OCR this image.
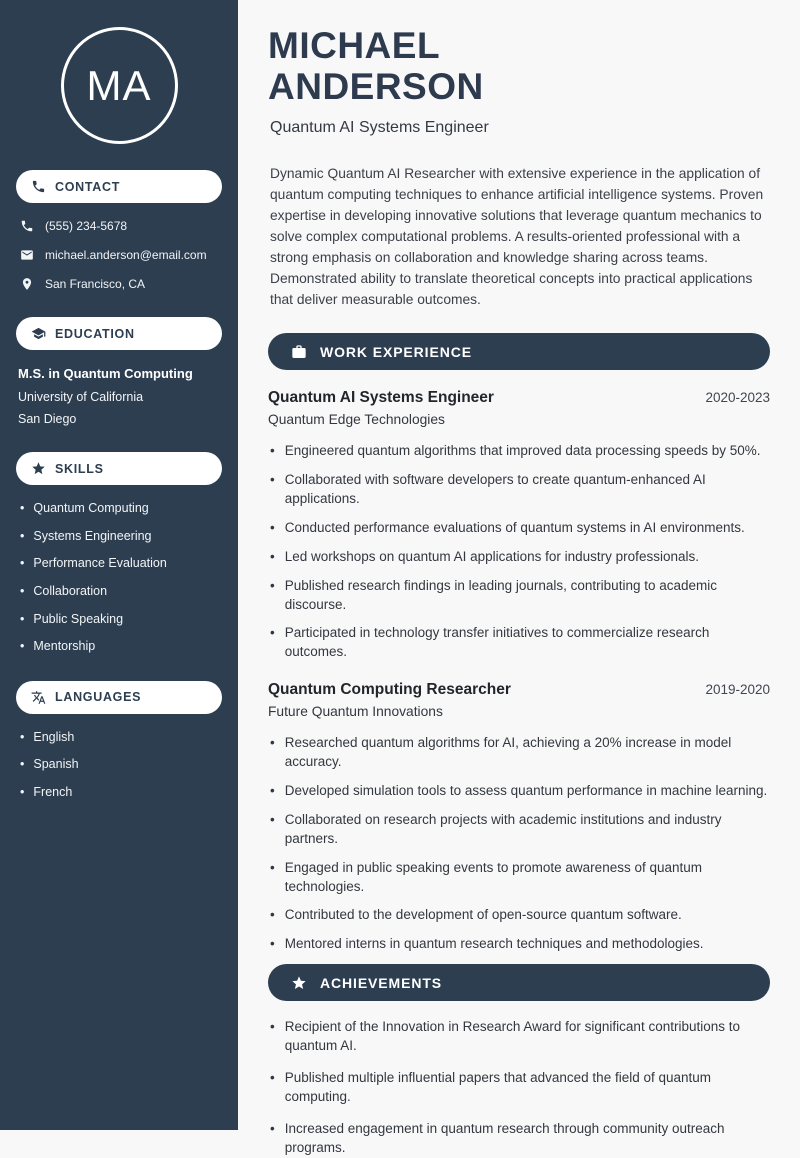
MA
CONTACT
(555) 234-5678
michael.anderson@email.com
San Francisco, CA
EDUCATION
M.S. in Quantum Computing
University of California
San Diego
SKILLS
• Quantum Computing
• Systems Engineering
• Performance Evaluation
• Collaboration
• Public Speaking
• Mentorship
LANGUAGES
• English
• Spanish
• French
MICHAEL
ANDERSON
Quantum AI Systems Engineer

Dynamic Quantum AI Researcher with extensive experience in the application of quantum computing techniques to enhance artificial intelligence systems. Proven expertise in developing innovative solutions that leverage quantum mechanics to solve complex computational problems. A results-oriented professional with a strong emphasis on collaboration and knowledge sharing across teams. Demonstrated ability to translate theoretical concepts into practical applications that deliver measurable outcomes.

WORK EXPERIENCE
Quantum AI Systems Engineer	2020-2023
Quantum Edge Technologies
• Engineered quantum algorithms that improved data processing speeds by 50%.
• Collaborated with software developers to create quantum-enhanced AI applications.
• Conducted performance evaluations of quantum systems in AI environments.
• Led workshops on quantum AI applications for industry professionals.
• Published research findings in leading journals, contributing to academic discourse.
• Participated in technology transfer initiatives to commercialize research outcomes.
Quantum Computing Researcher	2019-2020
Future Quantum Innovations
• Researched quantum algorithms for AI, achieving a 20% increase in model accuracy.
• Developed simulation tools to assess quantum performance in machine learning.
• Collaborated on research projects with academic institutions and industry partners.
• Engaged in public speaking events to promote awareness of quantum technologies.
• Contributed to the development of open-source quantum software.
• Mentored interns in quantum research techniques and methodologies.
ACHIEVEMENTS
• Recipient of the Innovation in Research Award for significant contributions to quantum AI.
• Published multiple influential papers that advanced the field of quantum computing.
• Increased engagement in quantum research through community outreach programs.
